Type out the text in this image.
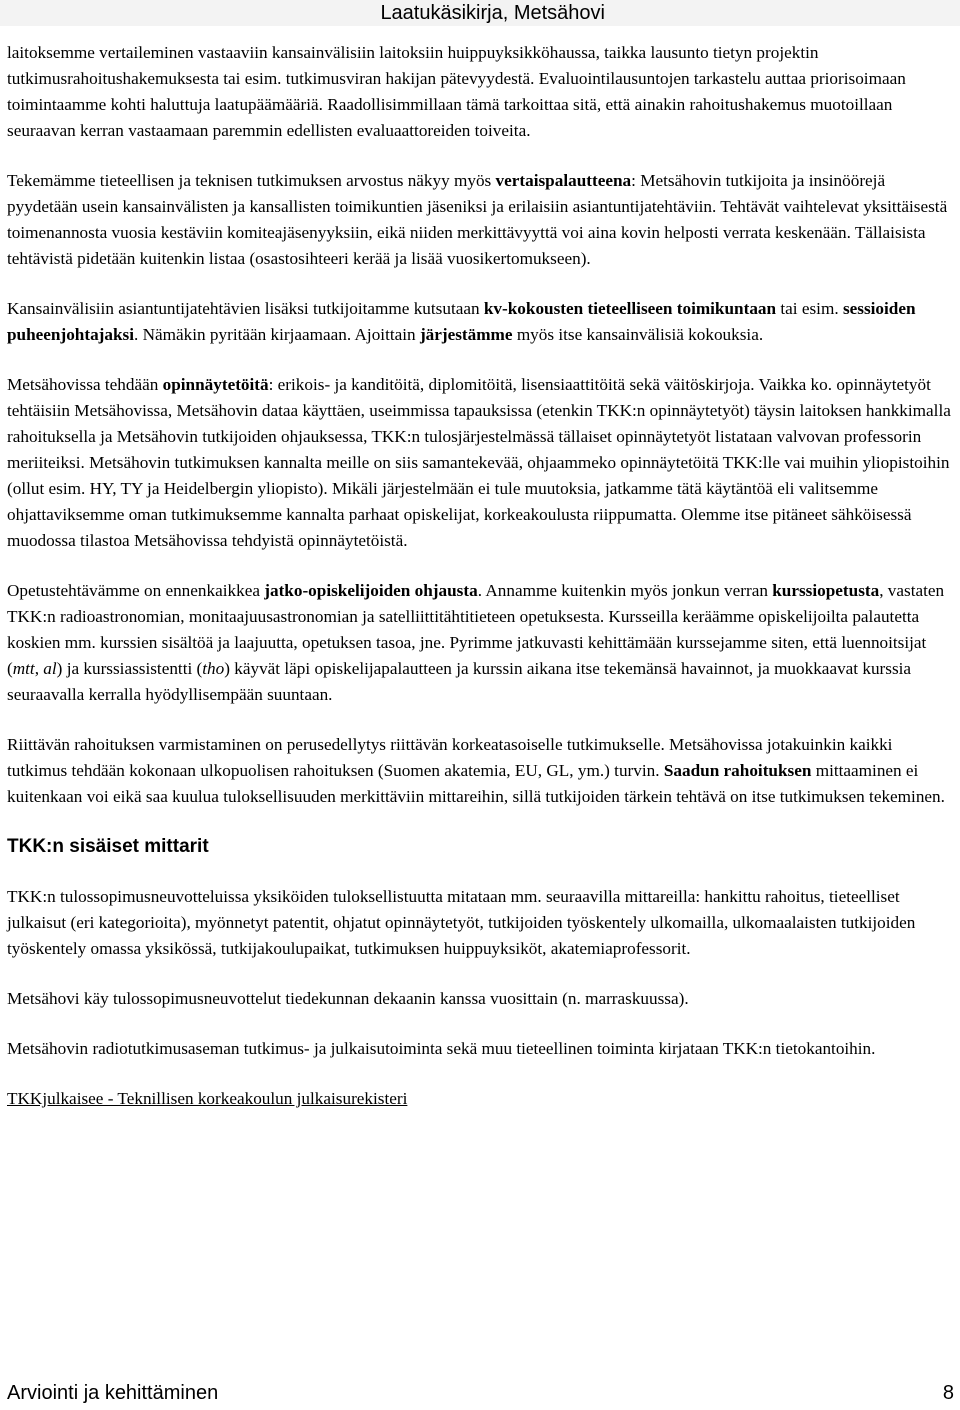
Laatukäsikirja, Metsähovi

laitoksemme vertaileminen vastaaviin kansainvälisiin laitoksiin huippuyksikköhaussa, taikka lausunto tietyn projektin tutkimusrahoitushakemuksesta tai esim. tutkimusviran hakijan pätevyydestä. Evaluointilausuntojen tarkastelu auttaa priorisoimaan toimintaamme kohti haluttuja laatupäämääriä. Raadollisimmillaan tämä tarkoittaa sitä, että ainakin rahoitushakemus muotoillaan seuraavan kerran vastaamaan paremmin edellisten evaluaattoreiden toiveita.

Tekemämme tieteellisen ja teknisen tutkimuksen arvostus näkyy myös vertaispalautteena: Metsähovin tutkijoita ja insinöörejä pyydetään usein kansainvälisten ja kansallisten toimikuntien jäseniksi ja erilaisiin asiantuntijatehtäviin. Tehtävät vaihtelevat yksittäisestä toimenannosta vuosia kestäviin komiteajäsenyyksiin, eikä niiden merkittävyyttä voi aina kovin helposti verrata keskenään. Tällaisista tehtävistä pidetään kuitenkin listaa (osastosihteeri kerää ja lisää vuosikertomukseen).

Kansainvälisiin asiantuntijatehtävien lisäksi tutkijoitamme kutsutaan kv-kokousten tieteelliseen toimikuntaan tai esim. sessioiden puheenjohtajaksi. Nämäkin pyritään kirjaamaan. Ajoittain järjestämme myös itse kansainvälisiä kokouksia.

Metsähovissa tehdään opinnäytetöitä: erikois- ja kanditöitä, diplomitöitä, lisensiaattitöitä sekä väitöskirjoja. Vaikka ko. opinnäytetyöt tehtäisiin Metsähovissa, Metsähovin dataa käyttäen, useimmissa tapauksissa (etenkin TKK:n opinnäytetyöt) täysin laitoksen hankkimalla rahoituksella ja Metsähovin tutkijoiden ohjauksessa, TKK:n tulosjärjestelmässä tällaiset opinnäytetyöt listataan valvovan professorin meriiteiksi. Metsähovin tutkimuksen kannalta meille on siis samantekevää, ohjaammeko opinnäytetöitä TKK:lle vai muihin yliopistoihin (ollut esim. HY, TY ja Heidelbergin yliopisto). Mikäli järjestelmään ei tule muutoksia, jatkamme tätä käytäntöä eli valitsemme ohjattaviksemme oman tutkimuksemme kannalta parhaat opiskelijat, korkeakoulusta riippumatta. Olemme itse pitäneet sähköisessä muodossa tilastoa Metsähovissa tehdyistä opinnäytetöistä.

Opetustehtävämme on ennenkaikkea jatko-opiskelijoiden ohjausta. Annamme kuitenkin myös jonkun verran kurssiopetusta, vastaten TKK:n radioastronomian, monitaajuusastronomian ja satelliittitähtitieteen opetuksesta. Kursseilla keräämme opiskelijoilta palautetta koskien mm. kurssien sisältöä ja laajuutta, opetuksen tasoa, jne. Pyrimme jatkuvasti kehittämään kurssejamme siten, että luennoitsijat (mtt, al) ja kurssiassistentti (tho) käyvät läpi opiskelijapalautteen ja kurssin aikana itse tekemänsä havainnot, ja muokkaavat kurssia seuraavalla kerralla hyödyllisempään suuntaan.

Riittävän rahoituksen varmistaminen on perusedellytys riittävän korkeatasoiselle tutkimukselle. Metsähovissa jotakuinkin kaikki tutkimus tehdään kokonaan ulkopuolisen rahoituksen (Suomen akatemia, EU, GL, ym.) turvin. Saadun rahoituksen mittaaminen ei kuitenkaan voi eikä saa kuulua tuloksellisuuden merkittäviin mittareihin, sillä tutkijoiden tärkein tehtävä on itse tutkimuksen tekeminen.

TKK:n sisäiset mittarit

TKK:n tulossopimusneuvotteluissa yksiköiden tuloksellistuutta mitataan mm. seuraavilla mittareilla: hankittu rahoitus, tieteelliset julkaisut (eri kategorioita), myönnetyt patentit, ohjatut opinnäytetyöt, tutkijoiden työskentely ulkomailla, ulkomaalaisten tutkijoiden työskentely omassa yksikössä, tutkijakoulupaikat, tutkimuksen huippuyksiköt, akatemiaprofessorit.

Metsähovi käy tulossopimusneuvottelut tiedekunnan dekaanin kanssa vuosittain (n. marraskuussa).

Metsähovin radiotutkimusaseman tutkimus- ja julkaisutoiminta sekä muu tieteellinen toiminta kirjataan TKK:n tietokantoihin.

TKKjulkaisee - Teknillisen korkeakoulun julkaisurekisteri

Arviointi ja kehittäminen	8
